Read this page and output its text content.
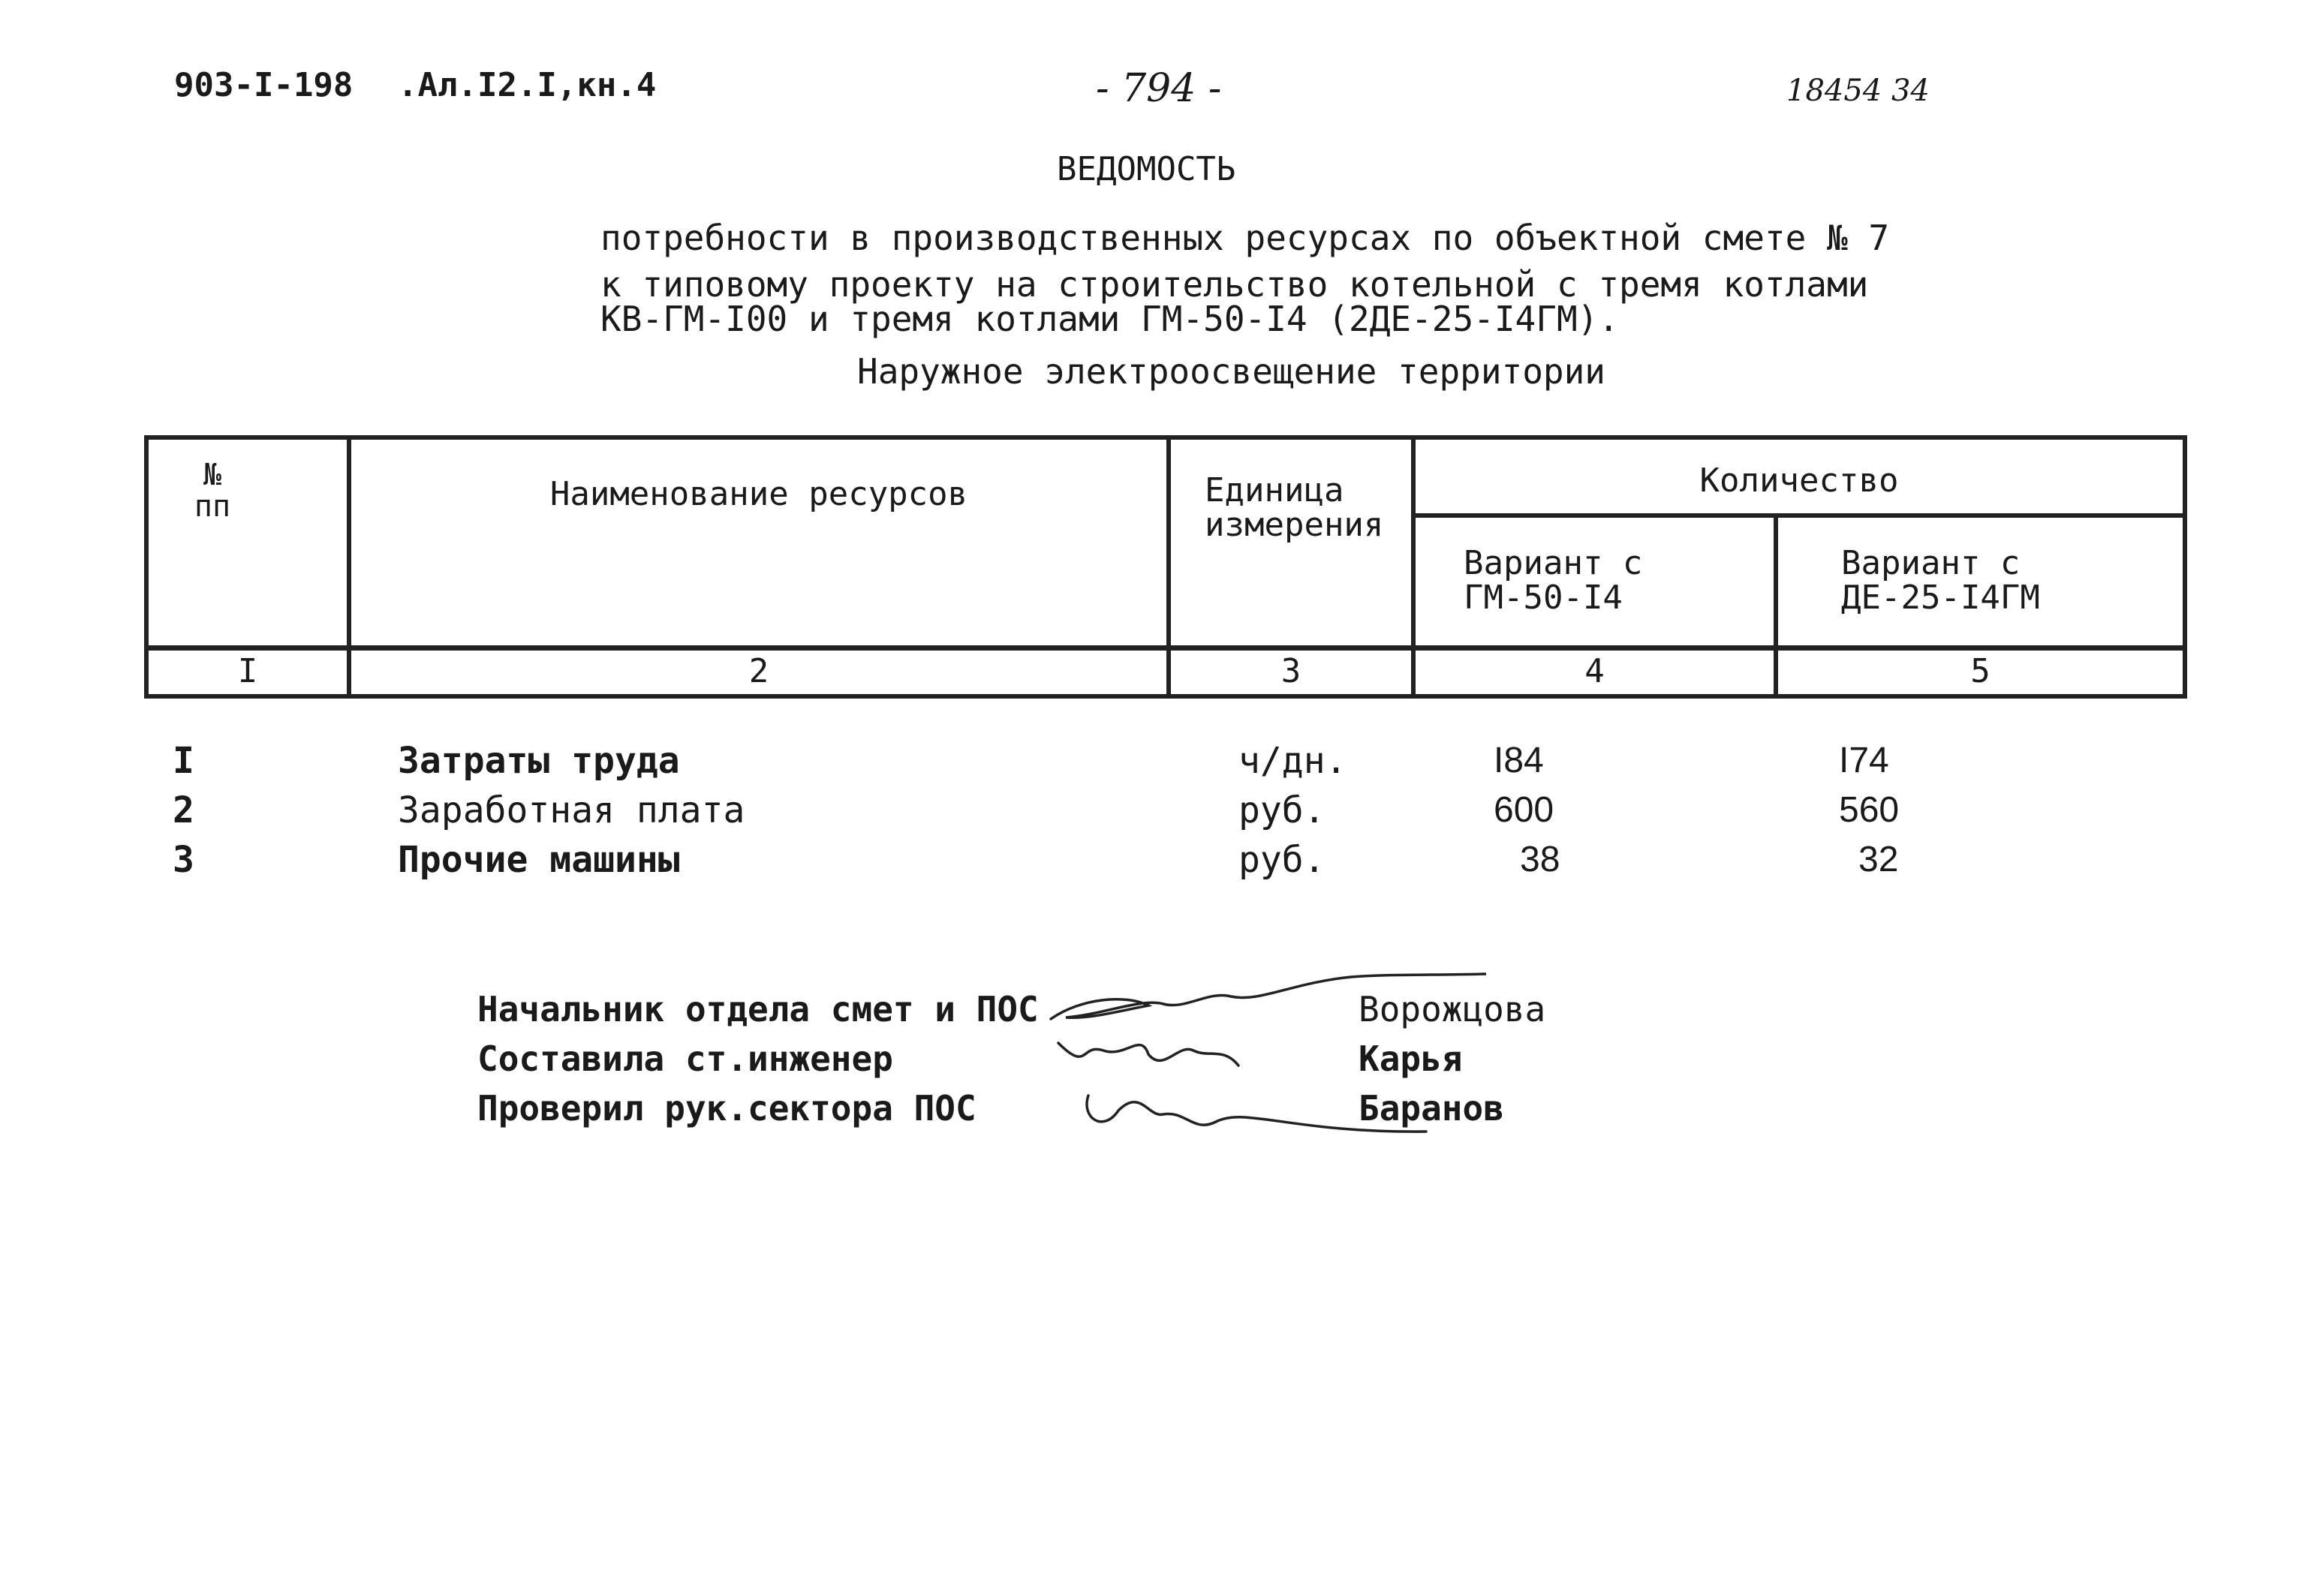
903-I-198 .Ал.I2.I,кн.4	- 794 -	18454 34
ВЕДОМОСТЬ
потребности в производственных ресурсах по объектной смете № 7
к типовому проекту на строительство котельной с тремя котлами
КВ-ГМ-I00 и тремя котлами ГМ-50-I4 (2ДЕ-25-I4ГМ).
Наружное электроосвещение территории
№ пп	Наименование ресурсов	Единица измерения	Количество	

			Вариант с ГМ-50-I4	Вариант с ДЕ-25-I4ГМ

I	2	3	4	5
I	Затраты труда	ч/дн.	I84	I74
2	Заработная плата	руб.	600	560
3	Прочие машины	руб.	38	32
Начальник отдела смет и ПОС	Ворожцова
Составила ст.инженер	Карья
Проверил рук.сектора ПОС	Баранов
